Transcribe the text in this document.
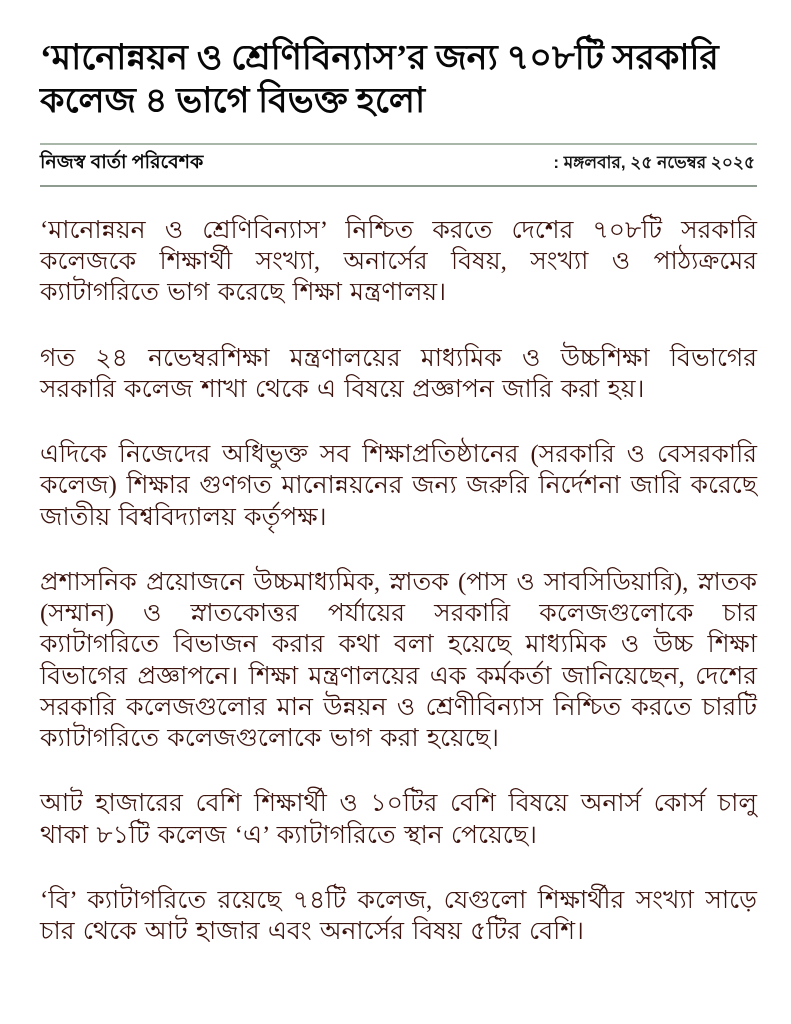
‘মানোন্নয়ন ও শ্রেণিবিন্যাস’র জন্য ৭০৮টি সরকারি কলেজ ৪ ভাগে বিভক্ত হলো
নিজস্ব বার্তা পরিবেশক	: মঙ্গলবার, ২৫ নভেম্বর ২০২৫

‘মানোন্নয়ন ও শ্রেণিবিন্যাস’ নিশ্চিত করতে দেশের ৭০৮টি সরকারি কলেজকে শিক্ষার্থী সংখ্যা, অনার্সের বিষয়, সংখ্যা ও পাঠ্যক্রমের ক্যাটাগরিতে ভাগ করেছে শিক্ষা মন্ত্রণালয়।

গত ২৪ নভেম্বরশিক্ষা মন্ত্রণালয়ের মাধ্যমিক ও উচ্চশিক্ষা বিভাগের সরকারি কলেজ শাখা থেকে এ বিষয়ে প্রজ্ঞাপন জারি করা হয়।

এদিকে নিজেদের অধিভুক্ত সব শিক্ষাপ্রতিষ্ঠানের (সরকারি ও বেসরকারি কলেজ) শিক্ষার গুণগত মানোন্নয়নের জন্য জরুরি নির্দেশনা জারি করেছে জাতীয় বিশ্ববিদ্যালয় কর্তৃপক্ষ।

প্রশাসনিক প্রয়োজনে উচ্চমাধ্যমিক, স্নাতক (পাস ও সাবসিডিয়ারি), স্নাতক (সম্মান) ও স্নাতকোত্তর পর্যায়ের সরকারি কলেজগুলোকে চার ক্যাটাগরিতে বিভাজন করার কথা বলা হয়েছে মাধ্যমিক ও উচ্চ শিক্ষা বিভাগের প্রজ্ঞাপনে। শিক্ষা মন্ত্রণালয়ের এক কর্মকর্তা জানিয়েছেন, দেশের সরকারি কলেজগুলোর মান উন্নয়ন ও শ্রেণীবিন্যাস নিশ্চিত করতে চারটি ক্যাটাগরিতে কলেজগুলোকে ভাগ করা হয়েছে।

আট হাজারের বেশি শিক্ষার্থী ও ১০টির বেশি বিষয়ে অনার্স কোর্স চালু থাকা ৮১টি কলেজ ‘এ’ ক্যাটাগরিতে স্থান পেয়েছে।

‘বি’ ক্যাটাগরিতে রয়েছে ৭৪টি কলেজ, যেগুলো শিক্ষার্থীর সংখ্যা সাড়ে চার থেকে আট হাজার এবং অনার্সের বিষয় ৫টির বেশি।
